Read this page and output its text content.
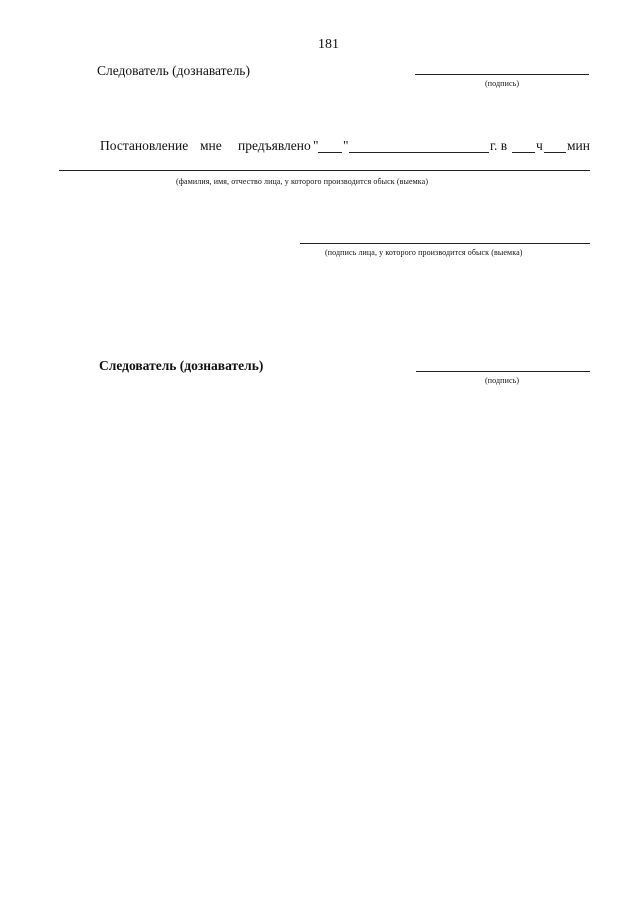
181
Следователь (дознаватель)
(подпись)
Постановление мне предъявлено " "	г. в ч мин
(фамилия, имя, отчество лица, у которого производится обыск (выемка)
(подпись лица, у которого производится обыск (выемка)
Следователь (дознаватель)
(подпись)
